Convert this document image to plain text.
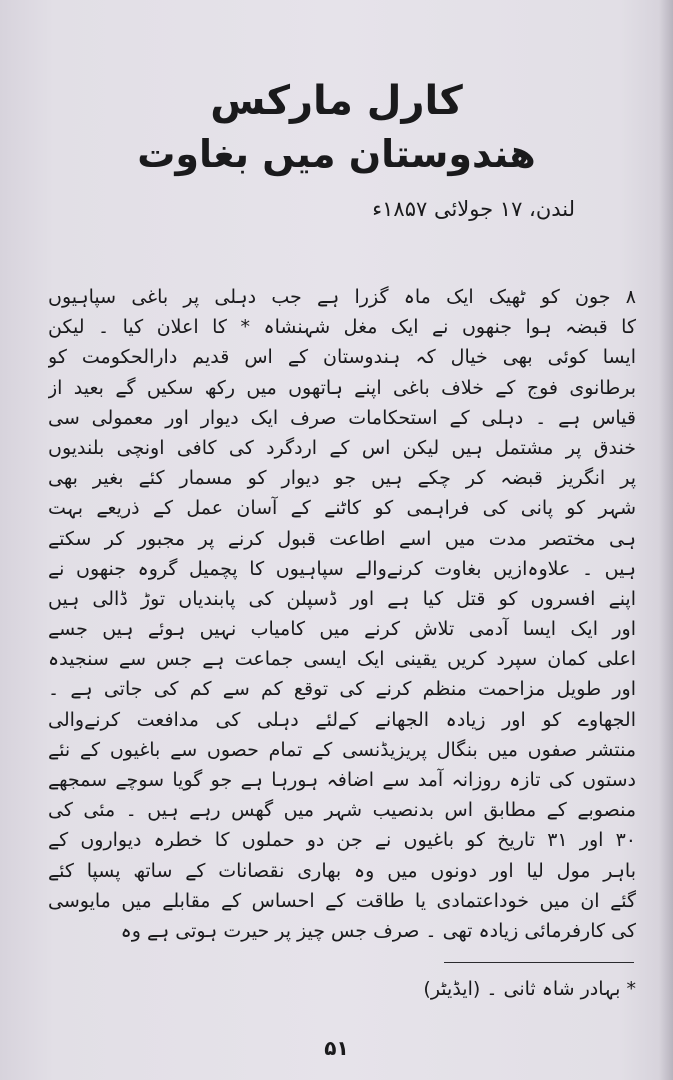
کارل مارکس
هندوستان میں بغاوت
لندن، ۱۷ جولائی ۱۸۵۷ء
۸ جون کو ٹھیک ایک ماہ گزرا ہے جب دہلی پر باغی سپاہیوں
کا قبضہ ہوا جنھوں نے ایک مغل شہنشاہ * کا اعلان کیا ۔ لیکن
ایسا کوئی بھی خیال کہ ہندوستان کے اس قدیم دارالحکومت کو
برطانوی فوج کے خلاف باغی اپنے ہاتھوں میں رکھ سکیں گے بعید از
قیاس ہے ۔ دہلی کے استحکامات صرف ایک دیوار اور معمولی سی
خندق پر مشتمل ہیں لیکن اس کے اردگرد کی کافی اونچی بلندیوں
پر انگریز قبضہ کر چکے ہیں جو دیوار کو مسمار کئے بغیر بھی
شہر کو پانی کی فراہمی کو کاٹنے کے آسان عمل کے ذریعے بہت
ہی مختصر مدت میں اسے اطاعت قبول کرنے پر مجبور کر سکتے
ہیں ۔ علاوہ‌ازیں بغاوت کرنے‌والے سپاہیوں کا پچمیل گروہ جنھوں نے
اپنے افسروں کو قتل کیا ہے اور ڈسپلن کی پابندیاں توڑ ڈالی ہیں
اور ایک ایسا آدمی تلاش کرنے میں کامیاب نہیں ہوئے ہیں جسے
اعلی کمان سپرد کریں یقینی ایک ایسی جماعت ہے جس سے سنجیدہ
اور طویل مزاحمت منظم کرنے کی توقع کم سے کم کی جاتی ہے ۔
الجھاوے کو اور زیادہ الجھانے کےلئے دہلی کی مدافعت کرنےوالی
منتشر صفوں میں بنگال پریزیڈنسی کے تمام حصوں سے باغیوں کے نئے
دستوں کی تازہ روزانہ آمد سے اضافہ ہورہا ہے جو گویا سوچے سمجھے
منصوبے کے مطابق اس بدنصیب شہر میں گھس رہے ہیں ۔ مئی کی
۳۰ اور ۳۱ تاریخ کو باغیوں نے جن دو حملوں کا خطرہ دیواروں کے
باہر مول لیا اور دونوں میں وہ بھاری نقصانات کے ساتھ پسپا کئے
گئے ان میں خوداعتمادی یا طاقت کے احساس کے مقابلے میں مایوسی
کی کارفرمائی زیادہ تھی ۔ صرف جس چیز پر حیرت ہوتی ہے وہ
* بہادر شاہ ثانی ۔ (ایڈیٹر)
۵۱
